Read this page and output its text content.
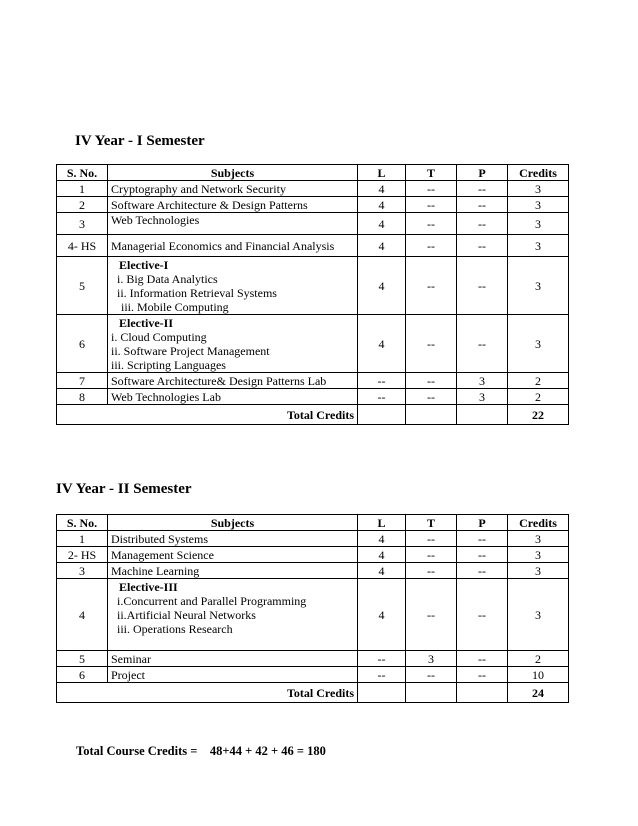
IV Year - I Semester
S. No.	Subjects	L	T	P	Credits
1	Cryptography and Network Security	4	--	--	3
2	Software Architecture & Design Patterns	4	--	--	3
3	Web Technologies	4	--	--	3
4- HS	Managerial Economics and Financial Analysis	4	--	--	3
5	Elective-I
i. Big Data Analytics
ii. Information Retrieval Systems
iii. Mobile Computing	4	--	--	3
6	Elective-II
i. Cloud Computing
ii. Software Project Management
iii. Scripting Languages	4	--	--	3
7	Software Architecture& Design Patterns Lab	--	--	3	2
8	Web Technologies Lab	--	--	3	2
Total Credits					22
IV Year - II Semester
S. No.	Subjects	L	T	P	Credits
1	Distributed Systems	4	--	--	3
2- HS	Management Science	4	--	--	3
3	Machine Learning	4	--	--	3
4	Elective-III
i.Concurrent and Parallel Programming
ii.Artificial Neural Networks
iii. Operations Research	4	--	--	3
5	Seminar	--	3	--	2
6	Project	--	--	--	10
Total Credits					24
Total Course Credits =    48+44 + 42 + 46 = 180
